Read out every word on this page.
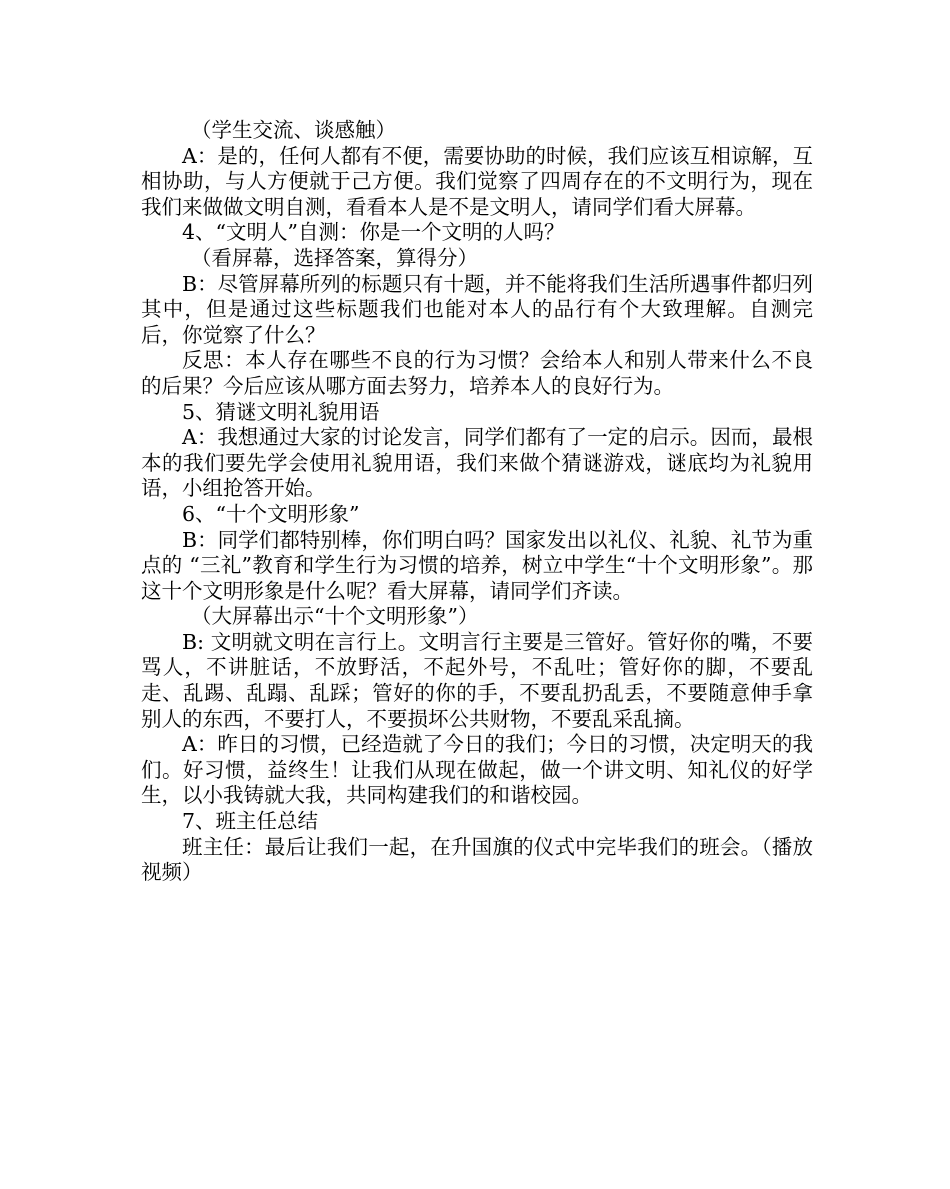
（学生交流、谈感触）

A：是的，任何人都有不便，需要协助的时候，我们应该互相谅解，互相协助，与人方便就于己方便。我们觉察了四周存在的不文明行为，现在我们来做做文明自测，看看本人是不是文明人，请同学们看大屏幕。

4、“文明人”自测：你是一个文明的人吗？

（看屏幕，选择答案，算得分）

B：尽管屏幕所列的标题只有十题，并不能将我们生活所遇事件都归列其中，但是通过这些标题我们也能对本人的品行有个大致理解。自测完后，你觉察了什么？

反思：本人存在哪些不良的行为习惯？会给本人和别人带来什么不良的后果？今后应该从哪方面去努力，培养本人的良好行为。

5、猜谜文明礼貌用语

A：我想通过大家的讨论发言，同学们都有了一定的启示。因而，最根本的我们要先学会使用礼貌用语，我们来做个猜谜游戏，谜底均为礼貌用语，小组抢答开始。

6、“十个文明形象”

B：同学们都特别棒，你们明白吗？国家发出以礼仪、礼貌、礼节为重点的 “三礼”教育和学生行为习惯的培养，树立中学生“十个文明形象”。那这十个文明形象是什么呢？看大屏幕，请同学们齐读。

（大屏幕出示“十个文明形象”）

B: 文明就文明在言行上。文明言行主要是三管好。管好你的嘴，不要骂人，不讲脏话，不放野活，不起外号，不乱吐；管好你的脚，不要乱走、乱踢、乱蹋、乱踩；管好的你的手，不要乱扔乱丢，不要随意伸手拿别人的东西，不要打人，不要损坏公共财物，不要乱采乱摘。

A：昨日的习惯，已经造就了今日的我们；今日的习惯，决定明天的我们。好习惯，益终生！让我们从现在做起，做一个讲文明、知礼仪的好学生，以小我铸就大我，共同构建我们的和谐校园。

7、班主任总结

班主任：最后让我们一起，在升国旗的仪式中完毕我们的班会。（播放视频）
